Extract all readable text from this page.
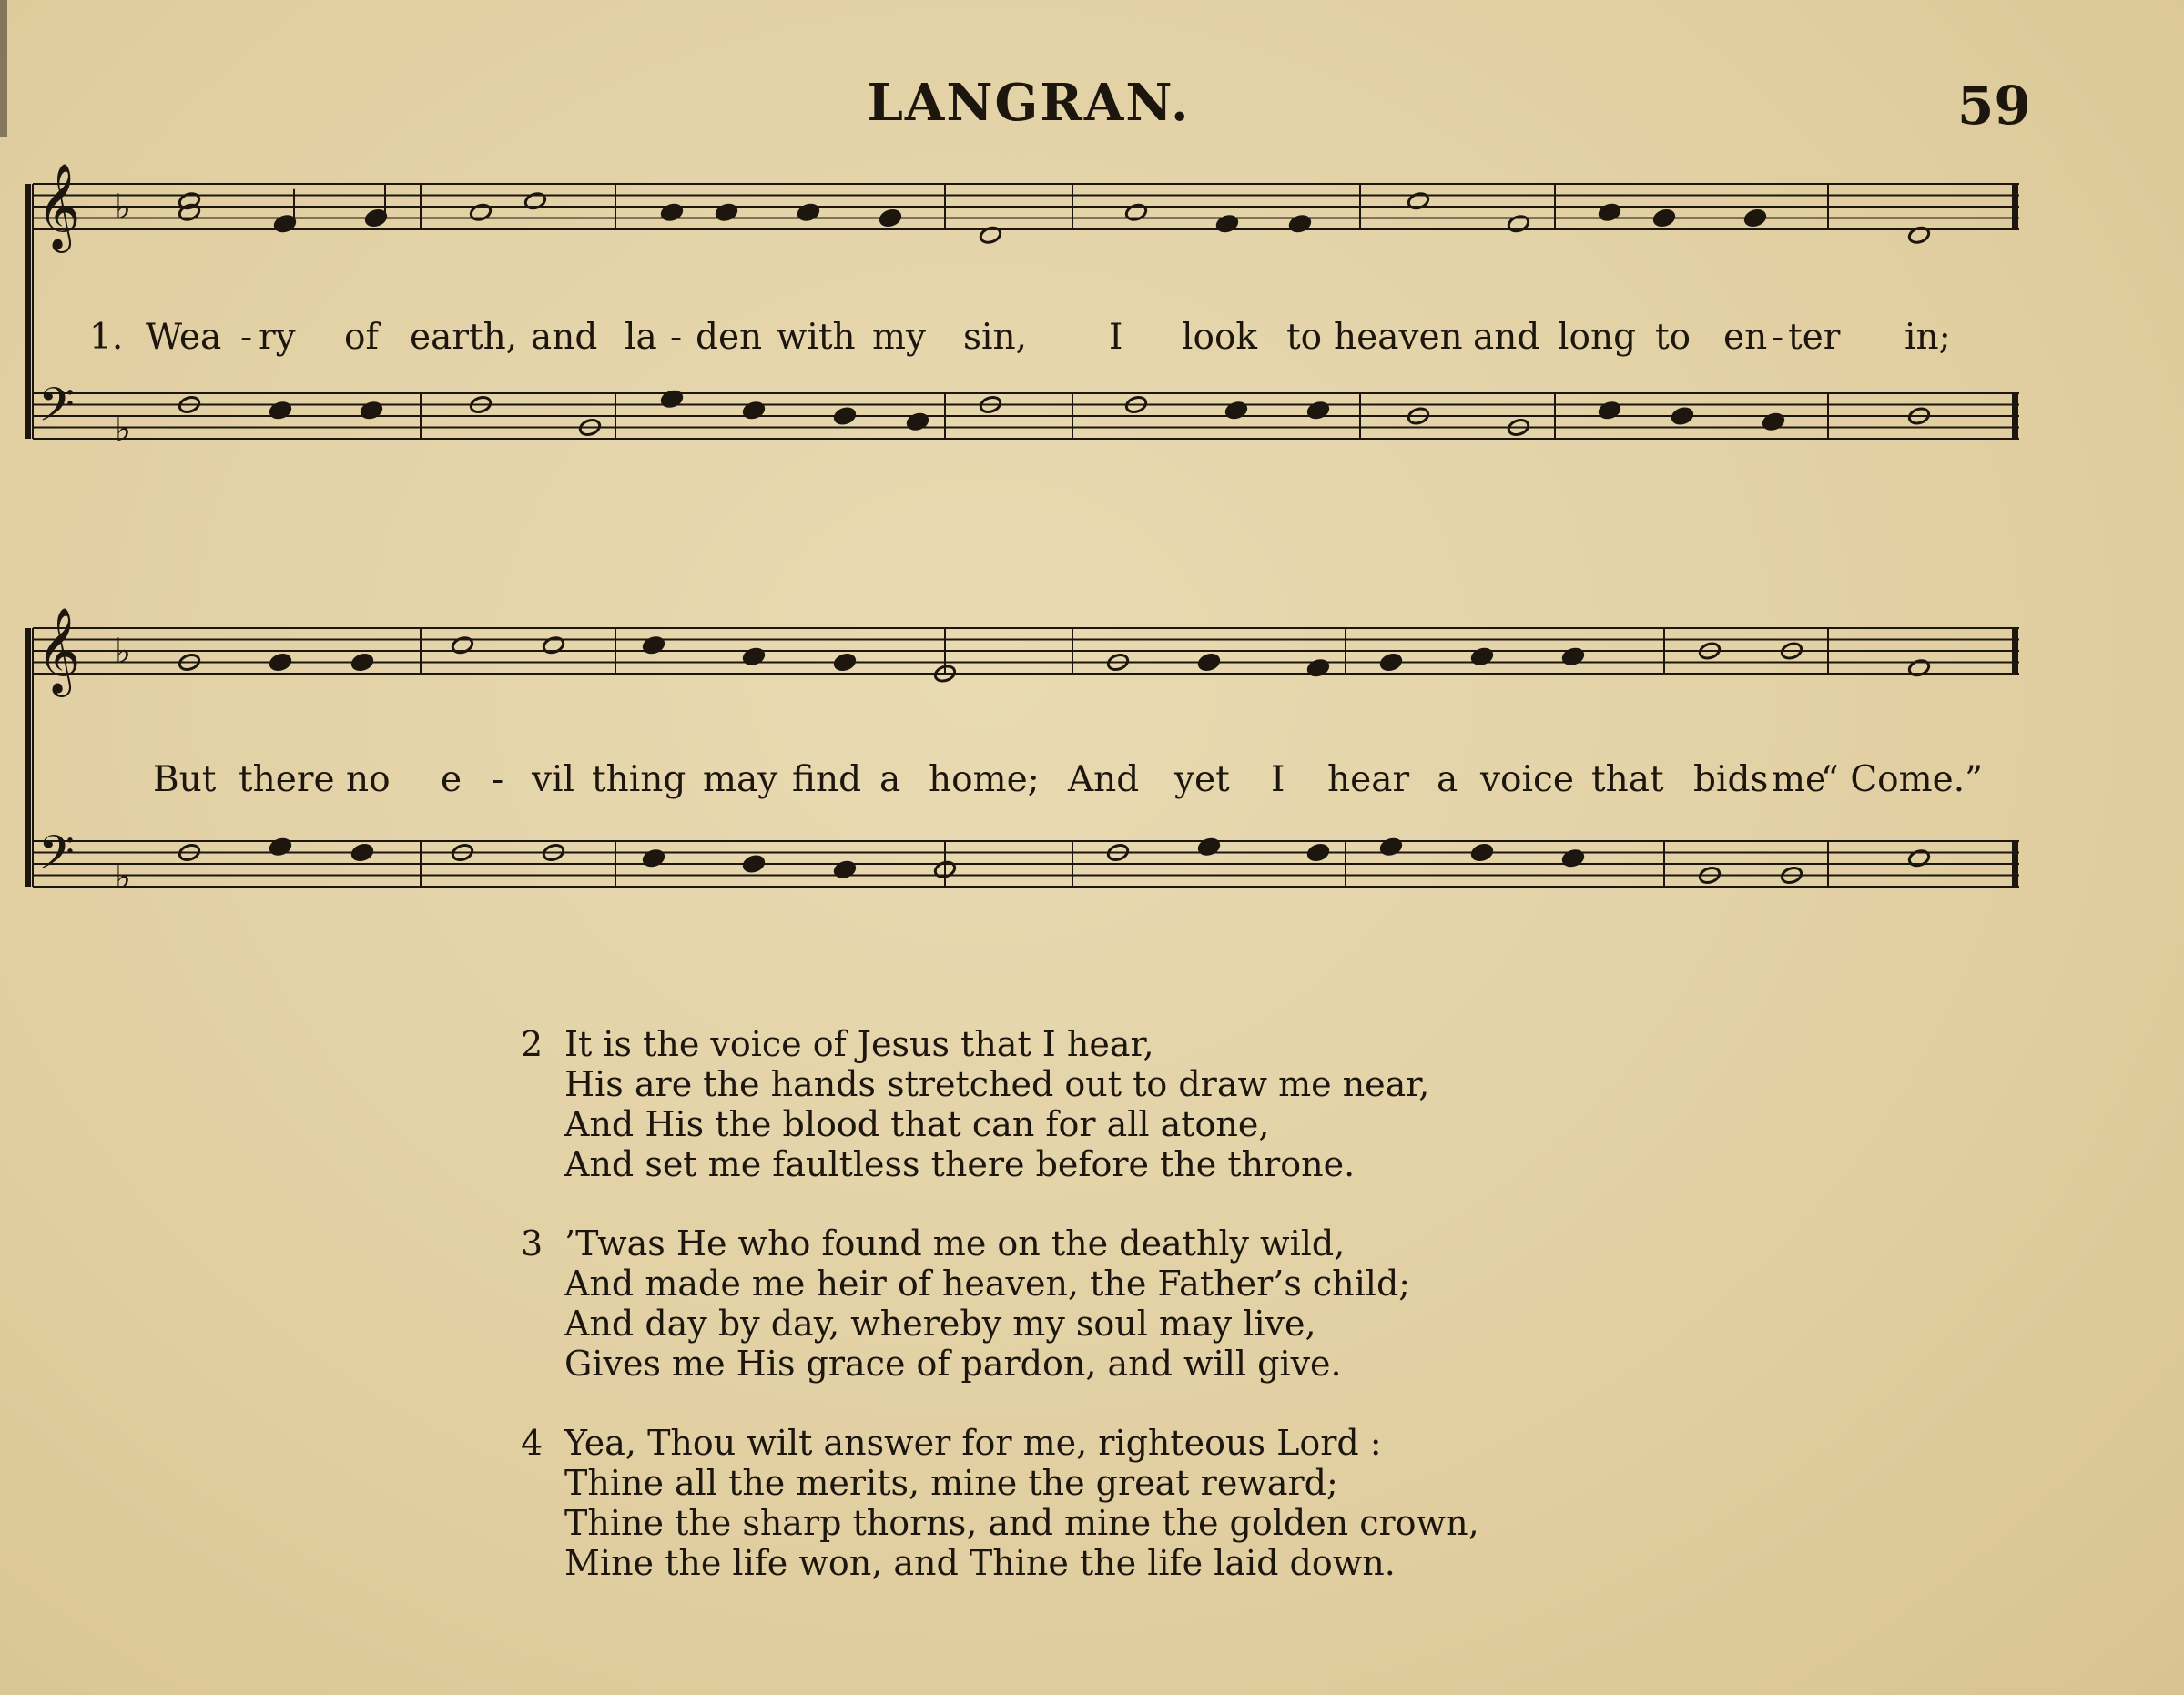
LANGRAN.	59
𝄞
𝄢
♭
♭
1. Wea - ry of earth, and la - den with my sin, I look to heaven and long to en - ter in;
𝄞
𝄢
♭
♭
But there no e - vil thing may find a home; And yet I hear a voice that bids me
“ Come.”
2 It is the voice of Jesus that I hear,
His are the hands stretched out to draw me near,
And His the blood that can for all atone,
And set me faultless there before the throne.
3 ’Twas He who found me on the deathly wild,
And made me heir of heaven, the Father’s child;
And day by day, whereby my soul may live,
Gives me His grace of pardon, and will give.
4 Yea, Thou wilt answer for me, righteous Lord :
Thine all the merits, mine the great reward;
Thine the sharp thorns, and mine the golden crown,
Mine the life won, and Thine the life laid down.
